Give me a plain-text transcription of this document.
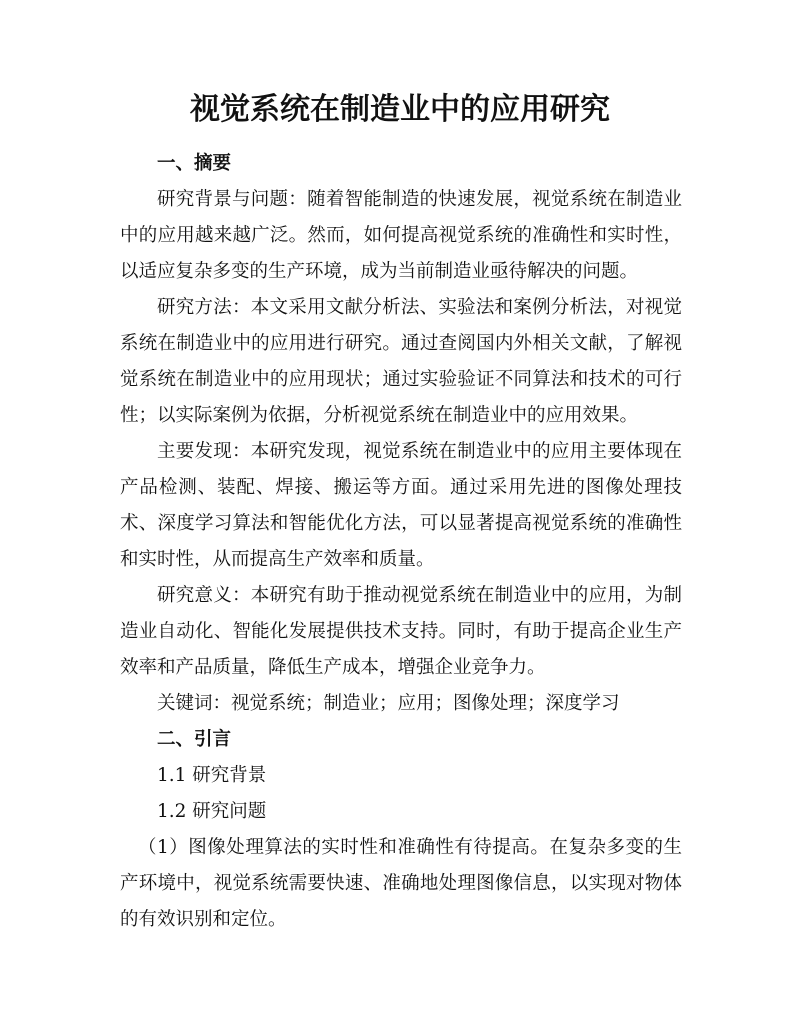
视觉系统在制造业中的应用研究

一、摘要

研究背景与问题：随着智能制造的快速发展，视觉系统在制造业中的应用越来越广泛。然而，如何提高视觉系统的准确性和实时性，以适应复杂多变的生产环境，成为当前制造业亟待解决的问题。

研究方法：本文采用文献分析法、实验法和案例分析法，对视觉系统在制造业中的应用进行研究。通过查阅国内外相关文献，了解视觉系统在制造业中的应用现状；通过实验验证不同算法和技术的可行性；以实际案例为依据，分析视觉系统在制造业中的应用效果。

主要发现：本研究发现，视觉系统在制造业中的应用主要体现在产品检测、装配、焊接、搬运等方面。通过采用先进的图像处理技术、深度学习算法和智能优化方法，可以显著提高视觉系统的准确性和实时性，从而提高生产效率和质量。

研究意义：本研究有助于推动视觉系统在制造业中的应用，为制造业自动化、智能化发展提供技术支持。同时，有助于提高企业生产效率和产品质量，降低生产成本，增强企业竞争力。

关键词：视觉系统；制造业；应用；图像处理；深度学习

二、引言

1.1 研究背景

1.2 研究问题

（1）图像处理算法的实时性和准确性有待提高。在复杂多变的生产环境中，视觉系统需要快速、准确地处理图像信息，以实现对物体的有效识别和定位。
